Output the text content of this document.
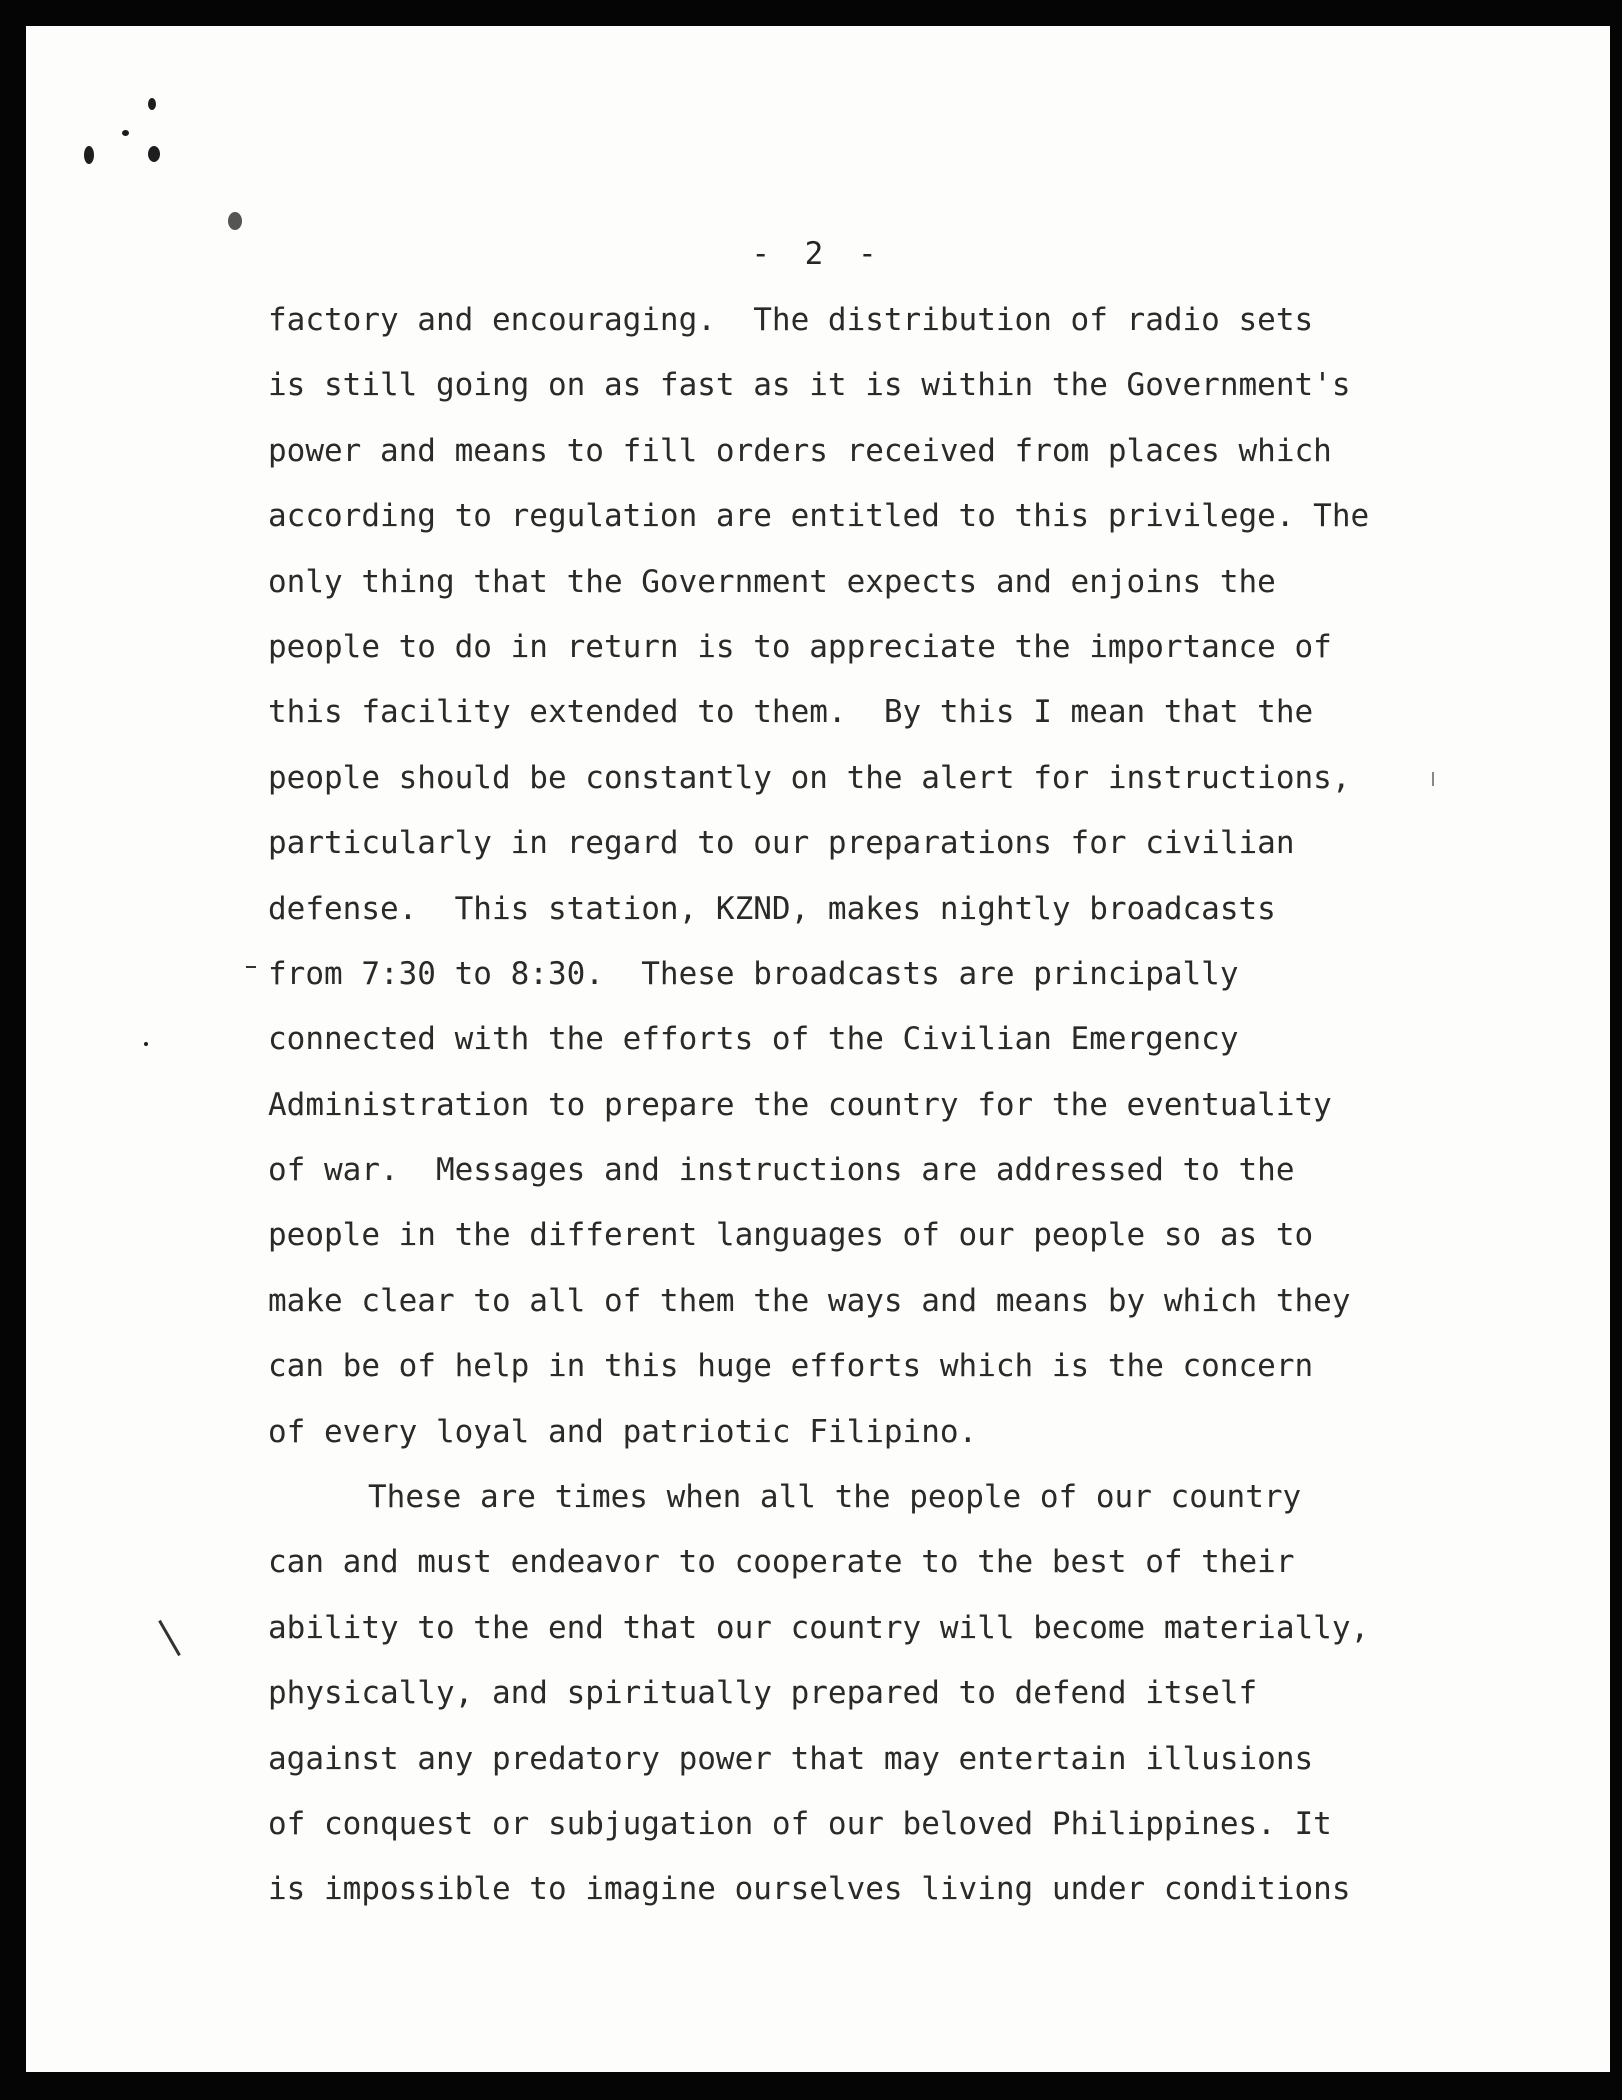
- 2 -
factory and encouraging.  The distribution of radio sets
is still going on as fast as it is within the Government's
power and means to fill orders received from places which
according to regulation are entitled to this privilege. The
only thing that the Government expects and enjoins the
people to do in return is to appreciate the importance of
this facility extended to them.  By this I mean that the
people should be constantly on the alert for instructions,
particularly in regard to our preparations for civilian
defense.  This station, KZND, makes nightly broadcasts
from 7:30 to 8:30.  These broadcasts are principally
connected with the efforts of the Civilian Emergency
Administration to prepare the country for the eventuality
of war.  Messages and instructions are addressed to the
people in the different languages of our people so as to
make clear to all of them the ways and means by which they
can be of help in this huge efforts which is the concern
of every loyal and patriotic Filipino.
These are times when all the people of our country
can and must endeavor to cooperate to the best of their
ability to the end that our country will become materially,
physically, and spiritually prepared to defend itself
against any predatory power that may entertain illusions
of conquest or subjugation of our beloved Philippines. It
is impossible to imagine ourselves living under conditions
